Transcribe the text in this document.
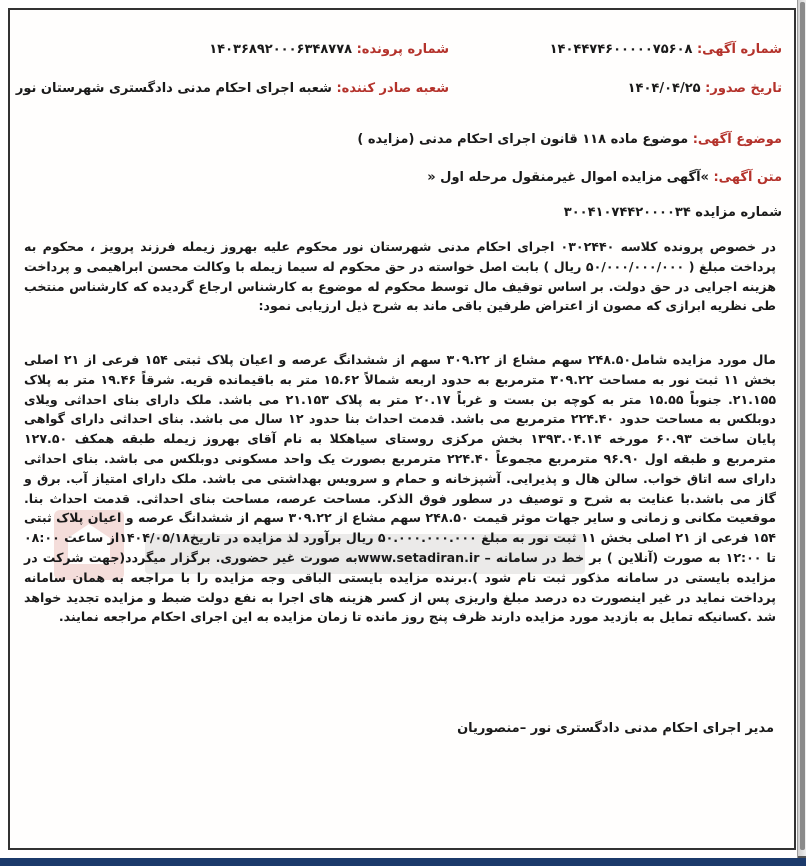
شماره آگهی: ۱۴۰۴۴۷۴۶۰۰۰۰۰۷۵۶۰۸
شماره پرونده: ۱۴۰۳۶۸۹۲۰۰۰۶۳۴۸۷۷۸
تاریخ صدور: ۱۴۰۴/۰۴/۲۵
شعبه صادر کننده: شعبه اجرای احکام مدنی دادگستری شهرستان نور
موضوع آگهی: موضوع ماده ۱۱۸ قانون اجرای احکام مدنی (مزایده )
متن آگهی: »آگهی مزایده اموال غیرمنقول مرحله اول «
شماره مزایده ۳۰۰۴۱۰۷۴۴۲۰۰۰۰۳۴
در خصوص پرونده کلاسه ۰۳۰۲۴۴۰ اجرای احکام مدنی شهرستان نور محکوم علیه بهروز زیمله فرزند پرویز ، محکوم به پرداخت مبلغ ( ۵۰/۰۰۰/۰۰۰/۰۰۰ ریال ) بابت اصل خواسته در حق محکوم له سیما زیمله با وکالت محسن ابراهیمی و پرداخت هزینه اجرایی در حق دولت. بر اساس توقیف مال توسط محکوم له موضوع به کارشناس ارجاع گردیده که کارشناس منتخب طی نظریه ابرازی که مصون از اعتراض طرفین باقی ماند به شرح ذیل ارزیابی نمود:
مال مورد مزایده شامل۲۴۸.۵۰ سهم مشاع از ۳۰۹.۲۲ سهم از ششدانگ عرصه و اعیان پلاک ثبتی ۱۵۴ فرعی از ۲۱ اصلی بخش ۱۱ ثبت نور به مساحت ۳۰۹.۲۲ مترمربع به حدود اربعه شمالاً ۱۵.۶۲ متر به باقیمانده قریه. شرقاً ۱۹.۴۶ متر به پلاک ۲۱.۱۵۵. جنوباً ۱۵.۵۵ متر به کوچه بن بست و غرباً ۲۰.۱۷ متر به پلاک ۲۱.۱۵۳ می باشد. ملک دارای بنای احداثی ویلای دوبلکس به مساحت حدود ۲۲۴.۴۰ مترمربع می باشد. قدمت احداث بنا حدود ۱۲ سال می باشد. بنای احداثی دارای گواهی پایان ساخت ۶۰.۹۳ مورخه ۱۳۹۳.۰۴.۱۴ بخش مرکزی روستای سیاهکلا به نام آقای بهروز زیمله طبقه همکف ۱۲۷.۵۰ مترمربع و طبقه اول ۹۶.۹۰ مترمربع مجموعاً ۲۲۴.۴۰ مترمربع بصورت یک واحد مسکونی دوبلکس می باشد. بنای احداثی دارای سه اتاق خواب. سالن هال و پذیرایی. آشپزخانه و حمام و سرویس بهداشتی می باشد. ملک دارای امتیاز آب. برق و گاز می باشد.با عنایت به شرح و توصیف در سطور فوق الذکر. مساحت عرصه، مساحت بنای احداثی. قدمت احداث بنا. موقعیت مکانی و زمانی و سایر جهات موثر قیمت ۲۴۸.۵۰ سهم مشاع از ۳۰۹.۲۲ سهم از ششدانگ عرصه و اعیان پلاک ثبتی ۱۵۴ فرعی از ۲۱ اصلی بخش ۱۱ ثبت نور به مبلغ ۵۰.۰۰۰.۰۰۰.۰۰۰ ریال برآورد لذ مزایده در تاریخ۱۴۰۴/۰۵/۱۸از ساعت ۰۸:۰۰ تا ۱۲:۰۰ به صورت (آنلاین ) بر خط در سامانه – www.setadiran.irبه صورت غیر حضوری. برگزار میگردد(جهت شرکت در مزایده بایستی در سامانه مذکور ثبت نام شود ).برنده مزایده بایستی الباقی وجه مزایده را با مراجعه به همان سامانه پرداخت نماید در غیر اینصورت ده درصد مبلغ واریزی پس از کسر هزینه های اجرا به نفع دولت ضبط و مزایده تجدید خواهد شد .کسانیکه تمایل به بازدید مورد مزایده دارند ظرف پنج روز مانده تا زمان مزایده به این اجرای احکام مراجعه نمایند.
مدیر اجرای احکام مدنی دادگستری نور –منصوریان
